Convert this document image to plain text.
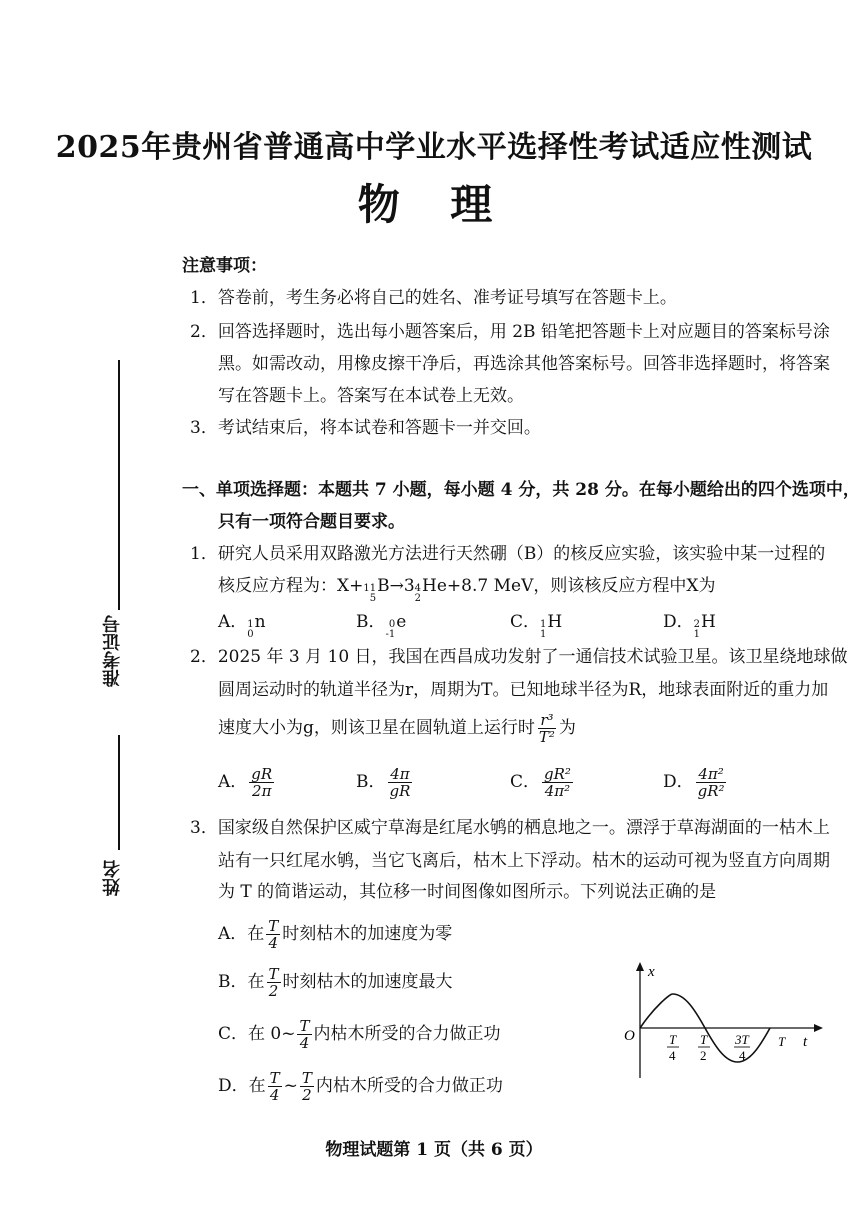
准考证号
姓名
2025年贵州省普通高中学业水平选择性考试适应性测试
物 理
注意事项：
1．答卷前，考生务必将自己的姓名、准考证号填写在答题卡上。
2．回答选择题时，选出每小题答案后，用 2B 铅笔把答题卡上对应题目的答案标号涂
黑。如需改动，用橡皮擦干净后，再选涂其他答案标号。回答非选择题时，将答案
写在答题卡上。答案写在本试卷上无效。
3．考试结束后，将本试卷和答题卡一并交回。
一、单项选择题：本题共 7 小题，每小题 4 分，共 28 分。在每小题给出的四个选项中，
只有一项符合题目要求。
1．研究人员采用双路激光方法进行天然硼（B）的核反应实验，该实验中某一过程的
核反应方程为：X+ 11
5
B→3 4
2
He+8.7 MeV，则该核反应方程中X为
A． 1
0
n	B． 0
-1
e	C． 1
1
H	D． 2
1
H
2．2025 年 3 月 10 日，我国在西昌成功发射了一通信技术试验卫星。该卫星绕地球做
圆周运动时的轨道半径为r，周期为T。已知地球半径为R，地球表面附近的重力加
速度大小为g，则该卫星在圆轨道上运行时 $\frac{\text{r³}}{\text{T²}}$ 为
A． $\frac{gR}{2\pi}$	B． $\frac{4\pi}{gR}$	C． $\frac{\text{gR²}}{\text{4π²}}$	D． $\frac{\text{4π²}}{\text{gR²}}$
3．国家级自然保护区威宁草海是红尾水鸲的栖息地之一。漂浮于草海湖面的一枯木上
站有一只红尾水鸲，当它飞离后，枯木上下浮动。枯木的运动可视为竖直方向周期
为 T 的简谐运动，其位移一时间图像如图所示。下列说法正确的是
A．在 $\frac{T}{4}$ 时刻枯木的加速度为零
B．在 $\frac{T}{2}$ 时刻枯木的加速度最大
C．在 0~ $\frac{T}{4}$ 内枯木所受的合力做正功
D．在 $\frac{T}{4}$ ~ $\frac{T}{2}$ 内枯木所受的合力做正功
x
t
O	T
4
T
2
3T
4
T
物理试题第 1 页（共 6 页）
